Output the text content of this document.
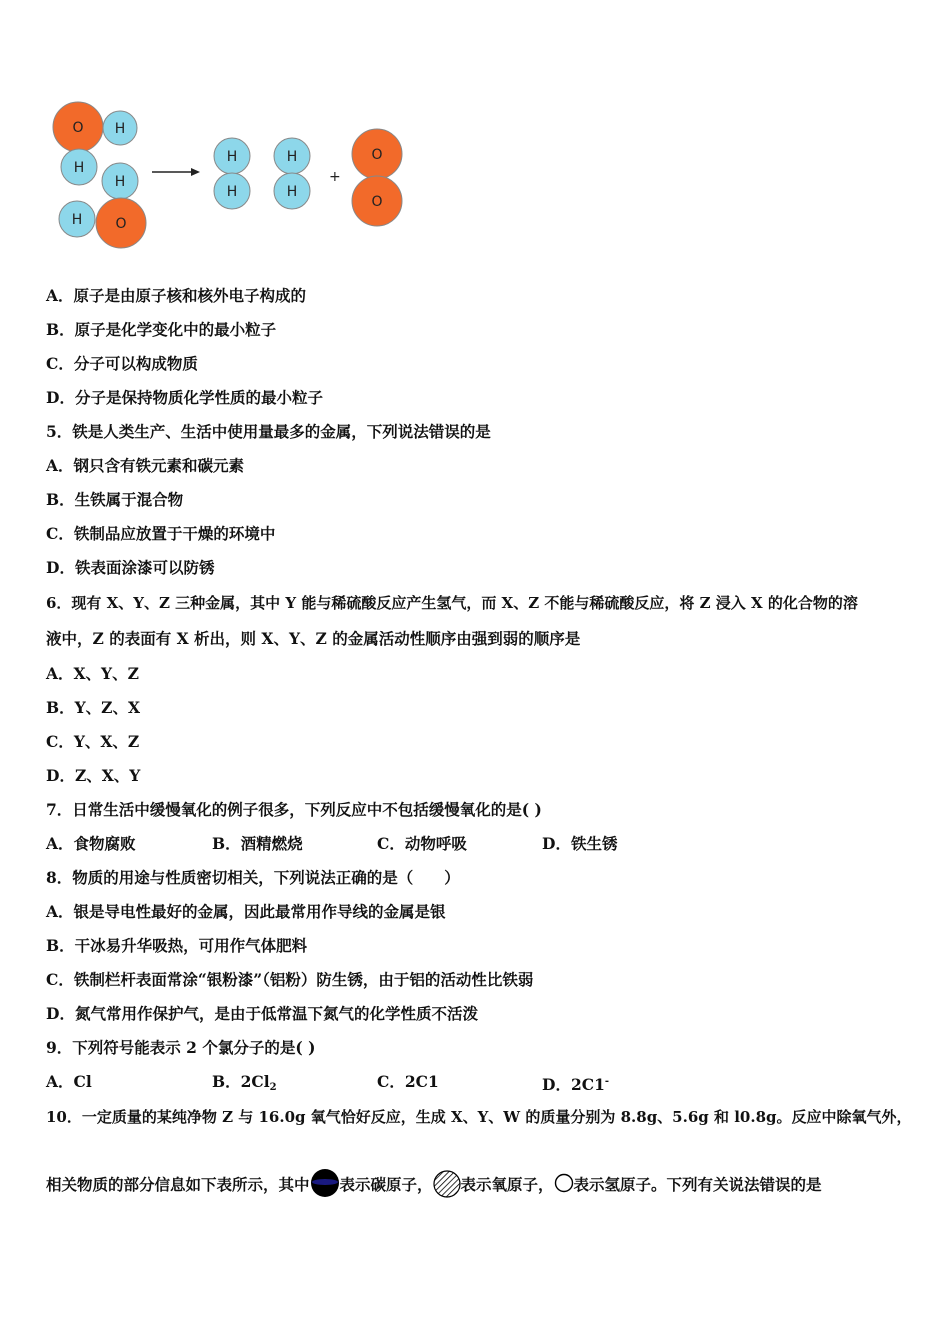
O H
H
H
H O
H
H
H
H
+
O
O
A．原子是由原子核和核外电子构成的
B．原子是化学变化中的最小粒子
C．分子可以构成物质
D．分子是保持物质化学性质的最小粒子
5．铁是人类生产、生活中使用量最多的金属，下列说法错误的是
A．钢只含有铁元素和碳元素
B．生铁属于混合物
C．铁制品应放置于干燥的环境中
D．铁表面涂漆可以防锈
6．现有 X、Y、Z 三种金属，其中 Y 能与稀硫酸反应产生氢气，而 X、Z 不能与稀硫酸反应，将 Z 浸入 X 的化合物的溶
液中，Z 的表面有 X 析出，则 X、Y、Z 的金属活动性顺序由强到弱的顺序是
A．X、Y、Z
B．Y、Z、X
C．Y、X、Z
D．Z、X、Y
7．日常生活中缓慢氧化的例子很多，下列反应中不包括缓慢氧化的是( )
A．食物腐败	B．酒精燃烧	C．动物呼吸	D．铁生锈
8．物质的用途与性质密切相关，下列说法正确的是（　　）
A．银是导电性最好的金属，因此最常用作导线的金属是银
B．干冰易升华吸热，可用作气体肥料
C．铁制栏杆表面常涂“银粉漆”（铝粉）防生锈，由于铝的活动性比铁弱
D．氮气常用作保护气，是由于低常温下氮气的化学性质不活泼
9．下列符号能表示 2 个氯分子的是( )
A．Cl	B．$2Cl_2$	C．2C1	D．2C1-
10．一定质量的某纯净物 Z 与 16.0g 氧气恰好反应，生成 X、Y、W 的质量分别为 8.8g、5.6g 和 l0.8g。反应中除氧气外，
相关物质的部分信息如下表所示，其中 表示碳原子， 表示氧原子， 表示氢原子。下列有关说法错误的是
